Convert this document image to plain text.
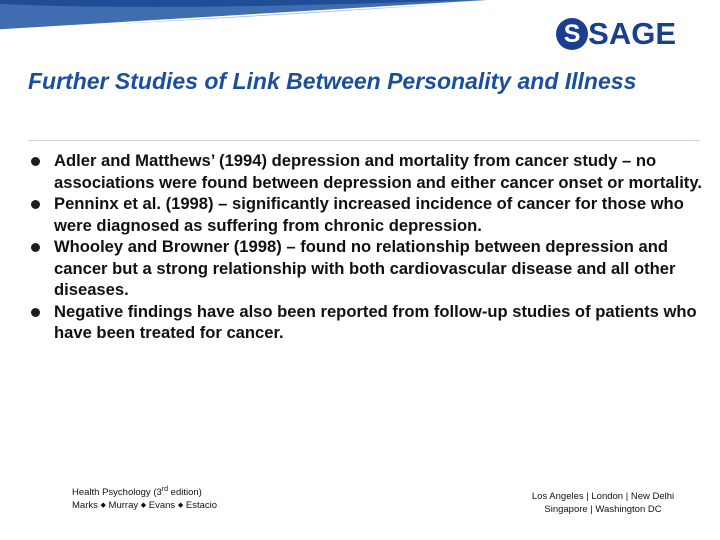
S SAGE
Further Studies of Link Between Personality and Illness
Adler and Matthews’ (1994) depression and mortality from cancer study – no associations were found between depression and either cancer onset or mortality.
Penninx et al. (1998) – significantly increased incidence of cancer for those who were diagnosed as suffering from chronic depression.
Whooley and Browner (1998) – found no relationship between depression and cancer but a strong relationship with both cardiovascular disease and all other diseases.
Negative findings have also been reported from follow-up studies of patients who have been treated for cancer.
Health Psychology (3rd edition)
Marks ◆ Murray ◆ Evans ◆ Estacio
Los Angeles | London | New Delhi
Singapore | Washington DC
